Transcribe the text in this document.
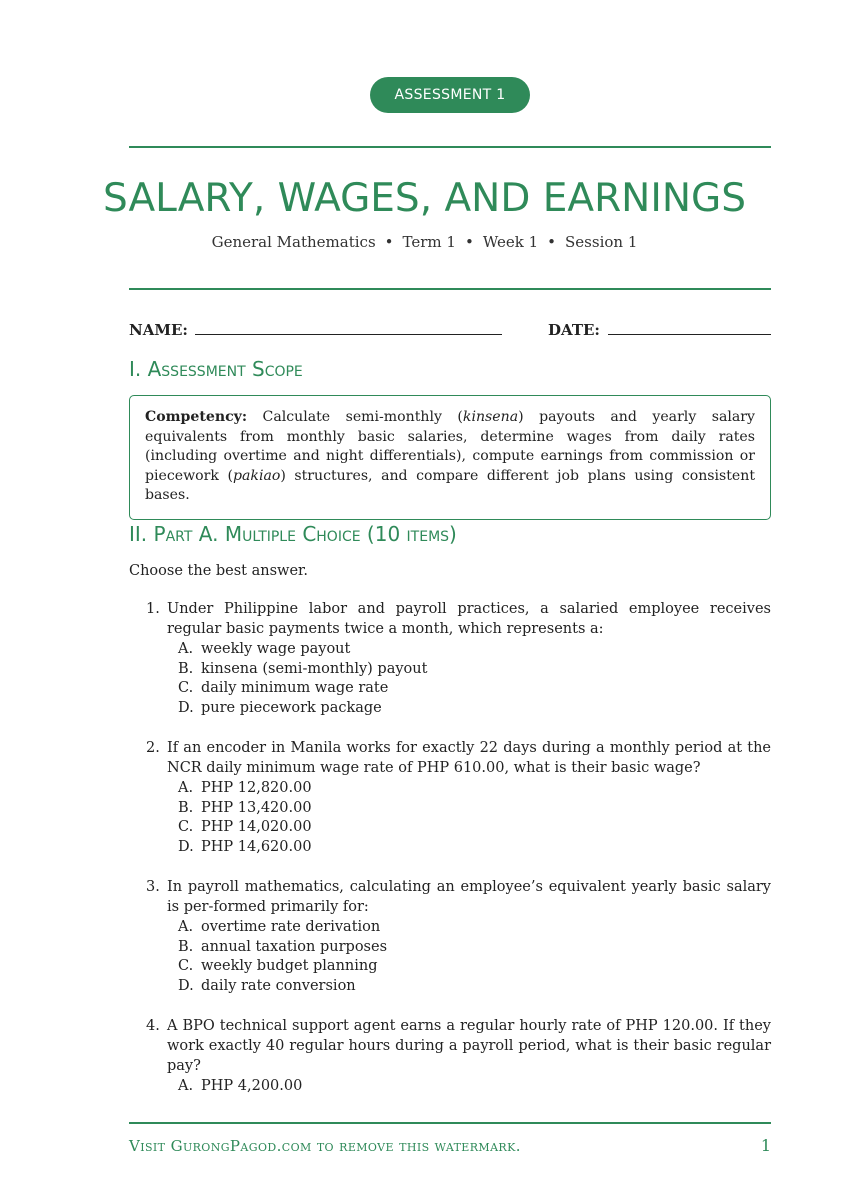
ASSESSMENT 1
SALARY, WAGES, AND EARNINGS
General Mathematics • Term 1 • Week 1 • Session 1
NAME:	DATE:
I. Assessment Scope
Competency: Calculate semi-monthly (kinsena) payouts and yearly salary equivalents from monthly basic salaries, determine wages from daily rates (including overtime and night differentials), compute earnings from commission or piecework (pakiao) structures, and compare different job plans using consistent bases.
II. Part A. Multiple Choice (10 items)
Choose the best answer.
1. Under Philippine labor and payroll practices, a salaried employee receives regular basic payments twice a month, which represents a:
A. weekly wage payout
B. kinsena (semi-monthly) payout
C. daily minimum wage rate
D. pure piecework package
2. If an encoder in Manila works for exactly 22 days during a monthly period at the NCR daily minimum wage rate of PHP 610.00, what is their basic wage?
A. PHP 12,820.00
B. PHP 13,420.00
C. PHP 14,020.00
D. PHP 14,620.00
3. In payroll mathematics, calculating an employee’s equivalent yearly basic salary is per-formed primarily for:
A. overtime rate derivation
B. annual taxation purposes
C. weekly budget planning
D. daily rate conversion
4. A BPO technical support agent earns a regular hourly rate of PHP 120.00. If they work exactly 40 regular hours during a payroll period, what is their basic regular pay?
A. PHP 4,200.00
Visit GurongPagod.com to remove this watermark.	1
